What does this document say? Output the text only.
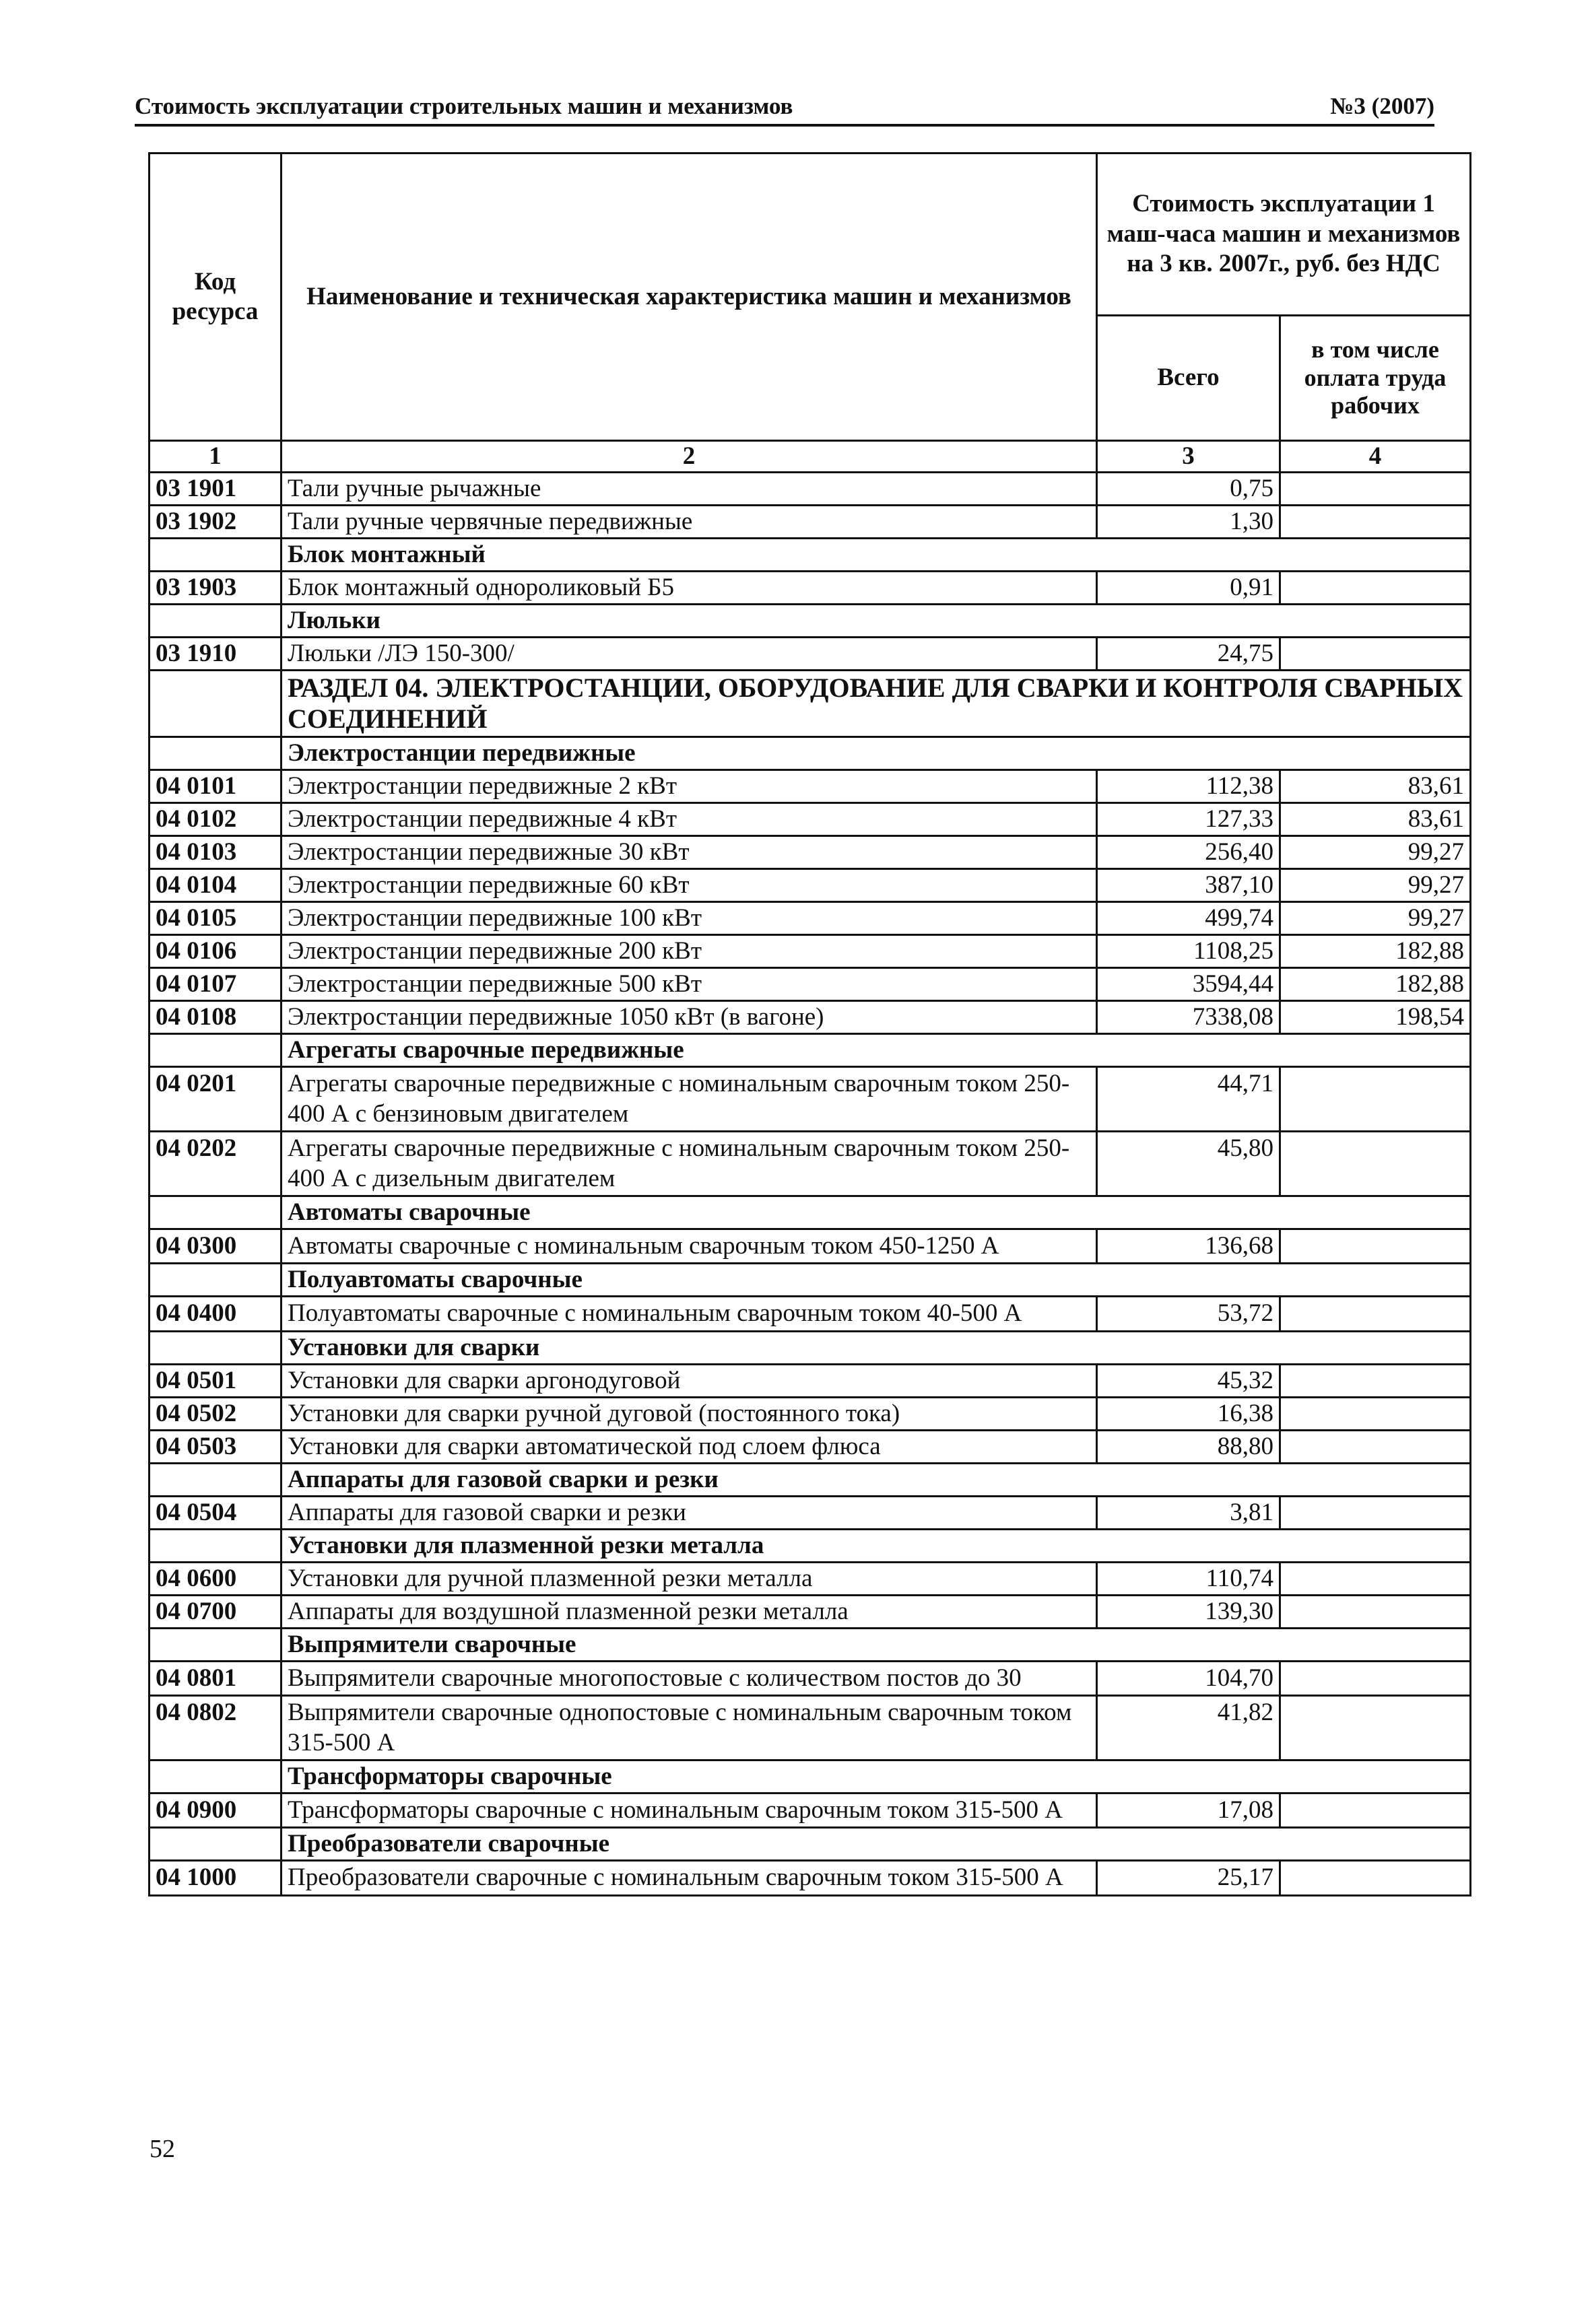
Стоимость эксплуатации строительных машин и механизмов	№3 (2007)
Код ресурса	Наименование и техническая характеристика машин и механизмов	Стоимость эксплуатации 1 маш-часа машин и механизмов на 3 кв. 2007г., руб. без НДС	
		Всего	в том числе оплата труда рабочих
1	2	3	4
03 1901	Тали ручные рычажные	0,75	
03 1902	Тали ручные червячные передвижные	1,30	
	Блок монтажный		
03 1903	Блок монтажный однороликовый Б5	0,91	
	Люльки		
03 1910	Люльки /ЛЭ 150-300/	24,75	
	РАЗДЕЛ 04. ЭЛЕКТРОСТАНЦИИ, ОБОРУДОВАНИЕ ДЛЯ СВАРКИ И КОНТРОЛЯ СВАРНЫХ СОЕДИНЕНИЙ		
	Электростанции передвижные		
04 0101	Электростанции передвижные 2 кВт	112,38	83,61
04 0102	Электростанции передвижные 4 кВт	127,33	83,61
04 0103	Электростанции передвижные 30 кВт	256,40	99,27
04 0104	Электростанции передвижные 60 кВт	387,10	99,27
04 0105	Электростанции передвижные 100 кВт	499,74	99,27
04 0106	Электростанции передвижные 200 кВт	1108,25	182,88
04 0107	Электростанции передвижные 500 кВт	3594,44	182,88
04 0108	Электростанции передвижные 1050 кВт (в вагоне)	7338,08	198,54
	Агрегаты сварочные передвижные		
04 0201	Агрегаты сварочные передвижные с номинальным сварочным током 250-400 А с бензиновым двигателем	44,71	
04 0202	Агрегаты сварочные передвижные с номинальным сварочным током 250-400 А с дизельным двигателем	45,80	
	Автоматы сварочные		
04 0300	Автоматы сварочные с номинальным сварочным током 450-1250 А	136,68	
	Полуавтоматы сварочные		
04 0400	Полуавтоматы сварочные с номинальным сварочным током 40-500 А	53,72	
	Установки для сварки		
04 0501	Установки для сварки аргонодуговой	45,32	
04 0502	Установки для сварки ручной дуговой (постоянного тока)	16,38	
04 0503	Установки для сварки автоматической под слоем флюса	88,80	
	Аппараты для газовой сварки и резки		
04 0504	Аппараты для газовой сварки и резки	3,81	
	Установки для плазменной резки металла		
04 0600	Установки для ручной плазменной резки металла	110,74	
04 0700	Аппараты для воздушной плазменной резки металла	139,30	
	Выпрямители сварочные		
04 0801	Выпрямители сварочные многопостовые с количеством постов до 30	104,70	
04 0802	Выпрямители сварочные однопостовые с номинальным сварочным током 315-500 А	41,82	
	Трансформаторы сварочные		
04 0900	Трансформаторы сварочные с номинальным сварочным током 315-500 А	17,08	
	Преобразователи сварочные		
04 1000	Преобразователи сварочные с номинальным сварочным током 315-500 А	25,17	
52
